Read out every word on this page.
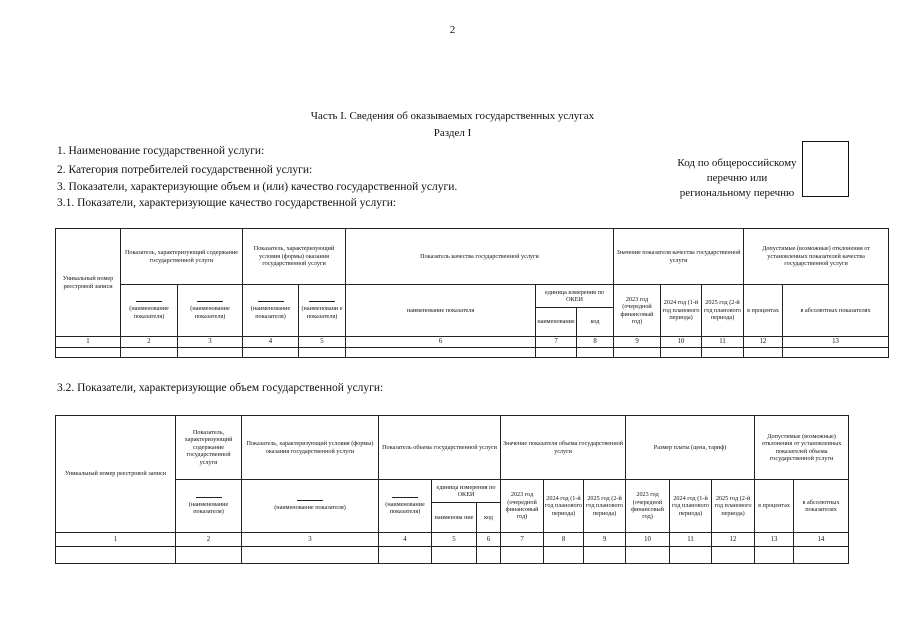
2
Часть I. Сведения об оказываемых государственных услугах
Раздел I
1. Наименование государственной услуги:
2. Категория потребителей государственной услуги:
3. Показатели, характеризующие объем и (или) качество государственной услуги.
3.1. Показатели, характеризующие качество государственной услуги:
Код по общероссийскому
перечню или
региональному перечню
Уникальный номер реестровой записи	Показатель, характеризующий содержание государственной услуги		Показатель, характеризующий условия (формы) оказания государственной услуги		Показатель качества государственной услуги			Значение показателя качества государственной услуги			Допустимые (возможные) отклонения от установленных показателей качества государственной услуги	

(наименование показателя)	(наименование показателя)	(наименование показателя)	(наименовани е показателя)	наименование показателя	единица измерения по ОКЕИ		2023 год (очередной финансовый год)	2024 год (1-й год планового периода)	2025 год (2-й год планового периода)	в процентах	в абсолютных показателях
						наименование	код					
1	2	3	4	5	6	7	8	9	10	11	12	13

3.2. Показатели, характеризующие объем государственной услуги:
Уникальный номер реестровой записи	Показатель, характеризующий содержание государственной услуги	Показатель, характеризующий условия (формы) оказания государственной услуги	Показатель объема государственной услуги			Значение показателя объема государственной услуги			Размер платы (цена, тариф)			Допустимые (возможные) отклонения от установленных показателей объема государственной услуги	

(наименование показателя)	(наименование показателя)	(наименование показателя)	единица измерения по ОКЕИ		2023 год (очередной финансовый год)	2024 год (1-й год планового периода)	2025 год (2-й год планового периода)	2023 год (очередной финансовый год)	2024 год (1-й год планового периода)	2025 год (2-й год планового периода)	в процентах	в абсолютных показателях
				наименова ние	код								
1	2	3	4	5	6	7	8	9	10	11	12	13	14
